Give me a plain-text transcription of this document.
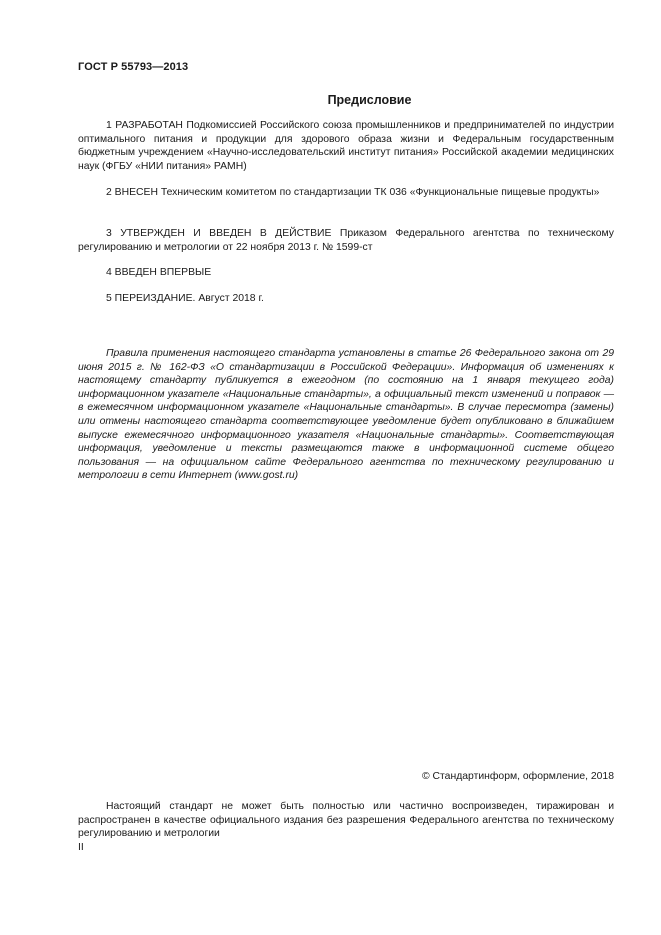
ГОСТ Р 55793—2013
Предисловие

1 РАЗРАБОТАН Подкомиссией Российского союза промышленников и предпринимателей по индустрии оптимального питания и продукции для здорового образа жизни и Федеральным государственным бюджетным учреждением «Научно-исследовательский институт питания» Российской академии медицинских наук (ФГБУ «НИИ питания» РАМН)

2 ВНЕСЕН Техническим комитетом по стандартизации ТК 036 «Функциональные пищевые продукты»

3 УТВЕРЖДЕН И ВВЕДЕН В ДЕЙСТВИЕ Приказом Федерального агентства по техническому регулированию и метрологии от 22 ноября 2013 г. № 1599-ст

4 ВВЕДЕН ВПЕРВЫЕ

5 ПЕРЕИЗДАНИЕ. Август 2018 г.

Правила применения настоящего стандарта установлены в статье 26 Федерального закона от 29 июня 2015 г. № 162-ФЗ «О стандартизации в Российской Федерации». Информация об изменениях к настоящему стандарту публикуется в ежегодном (по состоянию на 1 января текущего года) информационном указателе «Национальные стандарты», а официальный текст изменений и поправок — в ежемесячном информационном указателе «Национальные стандарты». В случае пересмотра (замены) или отмены настоящего стандарта соответствующее уведомление будет опубликовано в ближайшем выпуске ежемесячного информационного указателя «Национальные стандарты». Соответствующая информация, уведомление и тексты размещаются также в информационной системе общего пользования — на официальном сайте Федерального агентства по техническому регулированию и метрологии в сети Интернет (www.gost.ru)

© Стандартинформ, оформление, 2018

Настоящий стандарт не может быть полностью или частично воспроизведен, тиражирован и распространен в качестве официального издания без разрешения Федерального агентства по техническому регулированию и метрологии

II
